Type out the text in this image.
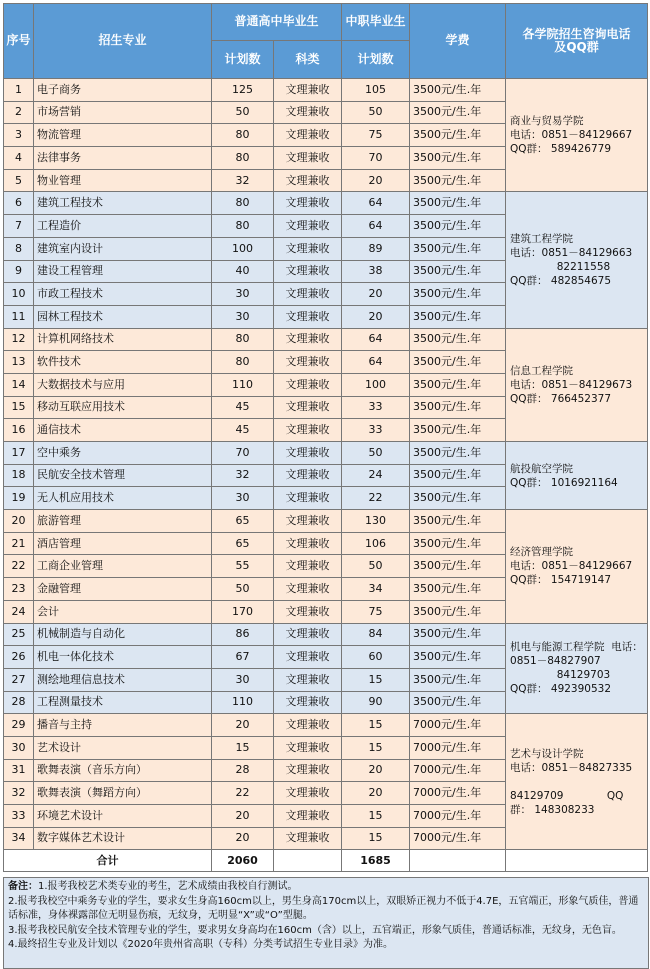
序号	招生专业	普通高中毕业生		中职毕业生	学费	各学院招生咨询电话
及QQ群
		计划数	科类	计划数		
1	电子商务	125	文理兼收	105	3500元/生.年	商业与贸易学院
电话：0851－84129667
QQ群： 589426779
2	市场营销	50	文理兼收	50	3500元/生.年	
3	物流管理	80	文理兼收	75	3500元/生.年	
4	法律事务	80	文理兼收	70	3500元/生.年	
5	物业管理	32	文理兼收	20	3500元/生.年	
6	建筑工程技术	80	文理兼收	64	3500元/生.年	建筑工程学院
电话：0851－84129663
82211558
QQ群： 482854675
7	工程造价	80	文理兼收	64	3500元/生.年	
8	建筑室内设计	100	文理兼收	89	3500元/生.年	
9	建设工程管理	40	文理兼收	38	3500元/生.年	
10	市政工程技术	30	文理兼收	20	3500元/生.年	
11	园林工程技术	30	文理兼收	20	3500元/生.年	
12	计算机网络技术	80	文理兼收	64	3500元/生.年	信息工程学院
电话：0851－84129673
QQ群： 766452377
13	软件技术	80	文理兼收	64	3500元/生.年	
14	大数据技术与应用	110	文理兼收	100	3500元/生.年	
15	移动互联应用技术	45	文理兼收	33	3500元/生.年	
16	通信技术	45	文理兼收	33	3500元/生.年	
17	空中乘务	70	文理兼收	50	3500元/生.年	航投航空学院
QQ群： 1016921164
18	民航安全技术管理	32	文理兼收	24	3500元/生.年	
19	无人机应用技术	30	文理兼收	22	3500元/生.年	
20	旅游管理	65	文理兼收	130	3500元/生.年	经济管理学院
电话：0851－84129667
QQ群： 154719147
21	酒店管理	65	文理兼收	106	3500元/生.年	
22	工商企业管理	55	文理兼收	50	3500元/生.年	
23	金融管理	50	文理兼收	34	3500元/生.年	
24	会计	170	文理兼收	75	3500元/生.年	
25	机械制造与自动化	86	文理兼收	84	3500元/生.年	机电与能源工程学院  电话：
0851－84827907
84129703
QQ群： 492390532
26	机电一体化技术	67	文理兼收	60	3500元/生.年	
27	测绘地理信息技术	30	文理兼收	15	3500元/生.年	
28	工程测量技术	110	文理兼收	90	3500元/生.年	
29	播音与主持	20	文理兼收	15	7000元/生.年	艺术与设计学院
电话：0851－84827335

84129709             QQ
群： 148308233
30	艺术设计	15	文理兼收	15	7000元/生.年	
31	歌舞表演（音乐方向）	28	文理兼收	20	7000元/生.年	
32	歌舞表演（舞蹈方向）	22	文理兼收	20	7000元/生.年	
33	环境艺术设计	20	文理兼收	15	7000元/生.年	
34	数字媒体艺术设计	20	文理兼收	15	7000元/生.年	
合计		2060		1685		
备注：1.报考我校艺术类专业的考生，艺术成绩由我校自行测试。
2.报考我校空中乘务专业的学生，要求女生身高160cm以上，男生身高170cm以上，双眼矫正视力不低于4.7E，五官端正，形象气质佳，普通话标准，身体裸露部位无明显伤痕，无纹身，无明显“X”或“O”型腿。
3.报考我校民航安全技术管理专业的学生，要求男女身高均在160cm（含）以上，五官端正，形象气质佳，普通话标准，无纹身，无色盲。
4.最终招生专业及计划以《2020年贵州省高职（专科）分类考试招生专业目录》为准。
